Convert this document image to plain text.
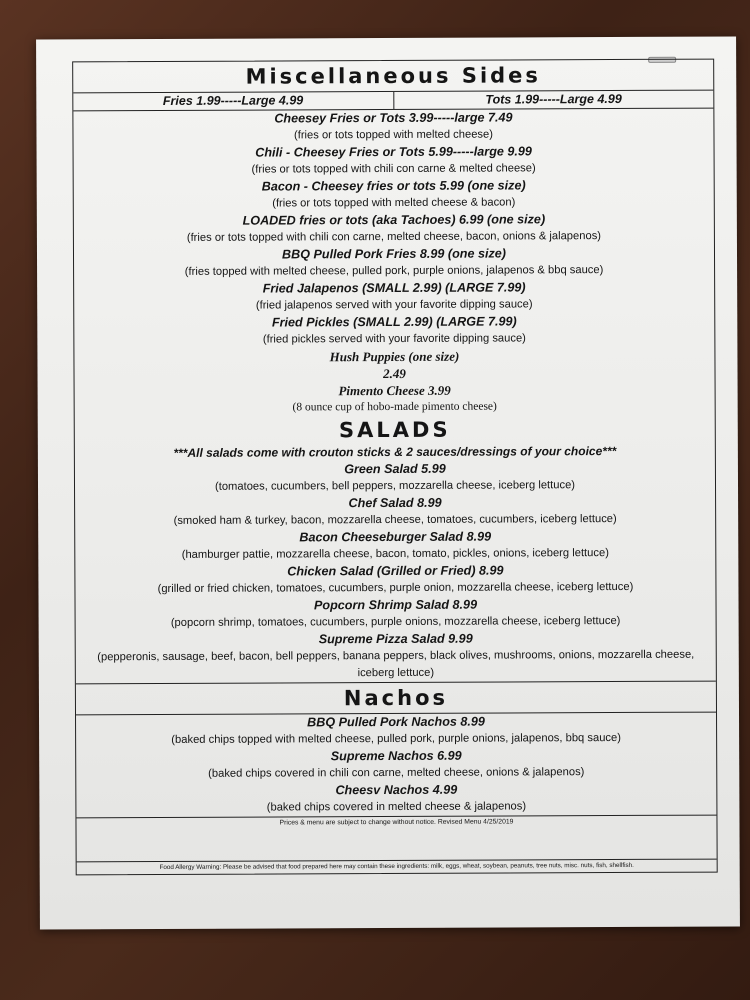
Miscellaneous Sides
Fries 1.99-----Large 4.99	Tots 1.99-----Large 4.99
Cheesey Fries or Tots 3.99-----large 7.49
(fries or tots topped with melted cheese)
Chili - Cheesey Fries or Tots 5.99-----large 9.99
(fries or tots topped with chili con carne & melted cheese)
Bacon - Cheesey fries or tots 5.99 (one size)
(fries or tots topped with melted cheese & bacon)
LOADED fries or tots (aka Tachoes) 6.99 (one size)
(fries or tots topped with chili con carne, melted cheese, bacon, onions & jalapenos)
BBQ Pulled Pork Fries 8.99 (one size)
(fries topped with melted cheese, pulled pork, purple onions, jalapenos & bbq sauce)
Fried Jalapenos (SMALL 2.99) (LARGE 7.99)
(fried jalapenos served with your favorite dipping sauce)
Fried Pickles (SMALL 2.99) (LARGE 7.99)
(fried pickles served with your favorite dipping sauce)
Hush Puppies (one size)
2.49
Pimento Cheese 3.99
(8 ounce cup of hobo-made pimento cheese)
SALADS
***All salads come with crouton sticks & 2 sauces/dressings of your choice***
Green Salad 5.99
(tomatoes, cucumbers, bell peppers, mozzarella cheese, iceberg lettuce)
Chef Salad 8.99
(smoked ham & turkey, bacon, mozzarella cheese, tomatoes, cucumbers, iceberg lettuce)
Bacon Cheeseburger Salad 8.99
(hamburger pattie, mozzarella cheese, bacon, tomato, pickles, onions, iceberg lettuce)
Chicken Salad (Grilled or Fried) 8.99
(grilled or fried chicken, tomatoes, cucumbers, purple onion, mozzarella cheese, iceberg lettuce)
Popcorn Shrimp Salad 8.99
(popcorn shrimp, tomatoes, cucumbers, purple onions, mozzarella cheese, iceberg lettuce)
Supreme Pizza Salad 9.99
(pepperonis, sausage, beef, bacon, bell peppers, banana peppers, black olives, mushrooms, onions, mozzarella cheese, iceberg lettuce)
Nachos
BBQ Pulled Pork Nachos 8.99
(baked chips topped with melted cheese, pulled pork, purple onions, jalapenos, bbq sauce)
Supreme Nachos 6.99
(baked chips covered in chili con carne, melted cheese, onions & jalapenos)
Cheesv Nachos 4.99
(baked chips covered in melted cheese & jalapenos)
Prices & menu are subject to change without notice. Revised Menu 4/25/2019
Food Allergy Warning: Please be advised that food prepared here may contain these ingredients: milk, eggs, wheat, soybean, peanuts, tree nuts, misc. nuts, fish, shellfish.
